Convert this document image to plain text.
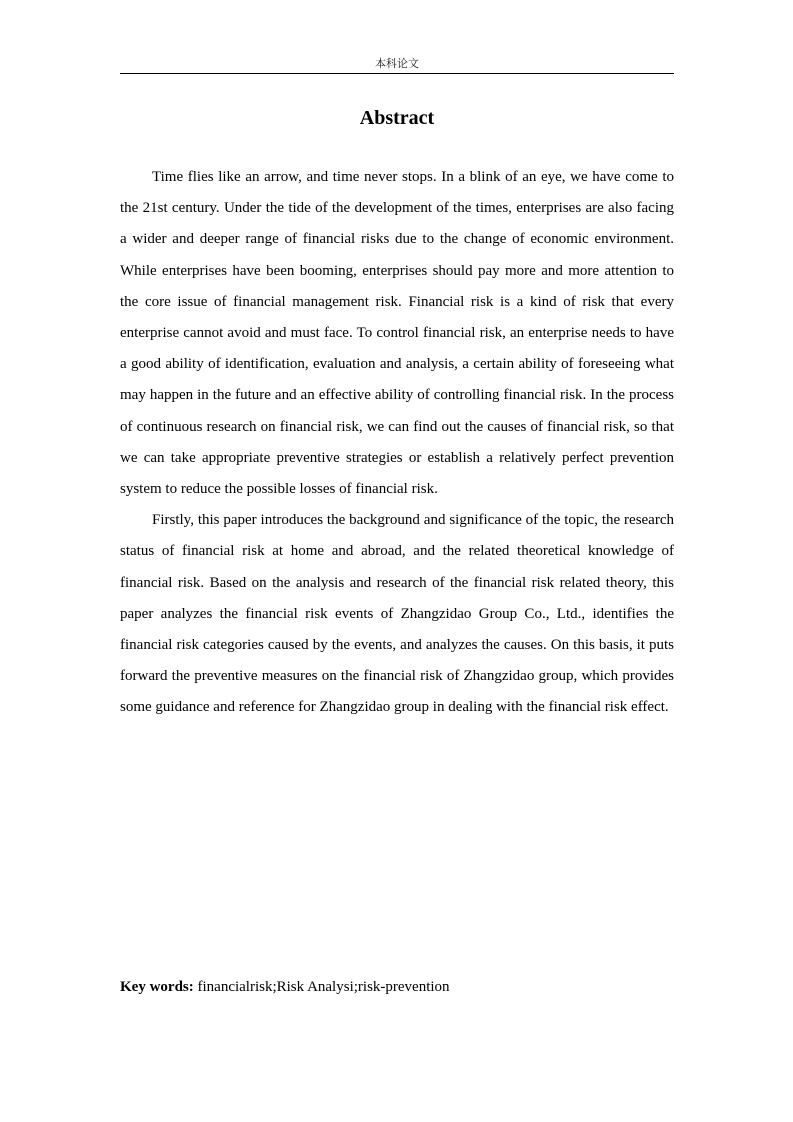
本科论文
Abstract

Time flies like an arrow, and time never stops. In a blink of an eye, we have come to the 21st century. Under the tide of the development of the times, enterprises are also facing a wider and deeper range of financial risks due to the change of economic environment. While enterprises have been booming, enterprises should pay more and more attention to the core issue of financial management risk. Financial risk is a kind of risk that every enterprise cannot avoid and must face. To control financial risk, an enterprise needs to have a good ability of identification, evaluation and analysis, a certain ability of foreseeing what may happen in the future and an effective ability of controlling financial risk. In the process of continuous research on financial risk, we can find out the causes of financial risk, so that we can take appropriate preventive strategies or establish a relatively perfect prevention system to reduce the possible losses of financial risk.

Firstly, this paper introduces the background and significance of the topic, the research status of financial risk at home and abroad, and the related theoretical knowledge of financial risk. Based on the analysis and research of the financial risk related theory, this paper analyzes the financial risk events of Zhangzidao Group Co., Ltd., identifies the financial risk categories caused by the events, and analyzes the causes. On this basis, it puts forward the preventive measures on the financial risk of Zhangzidao group, which provides some guidance and reference for Zhangzidao group in dealing with the financial risk effect.

Key words: financialrisk;Risk Analysi;risk-prevention
